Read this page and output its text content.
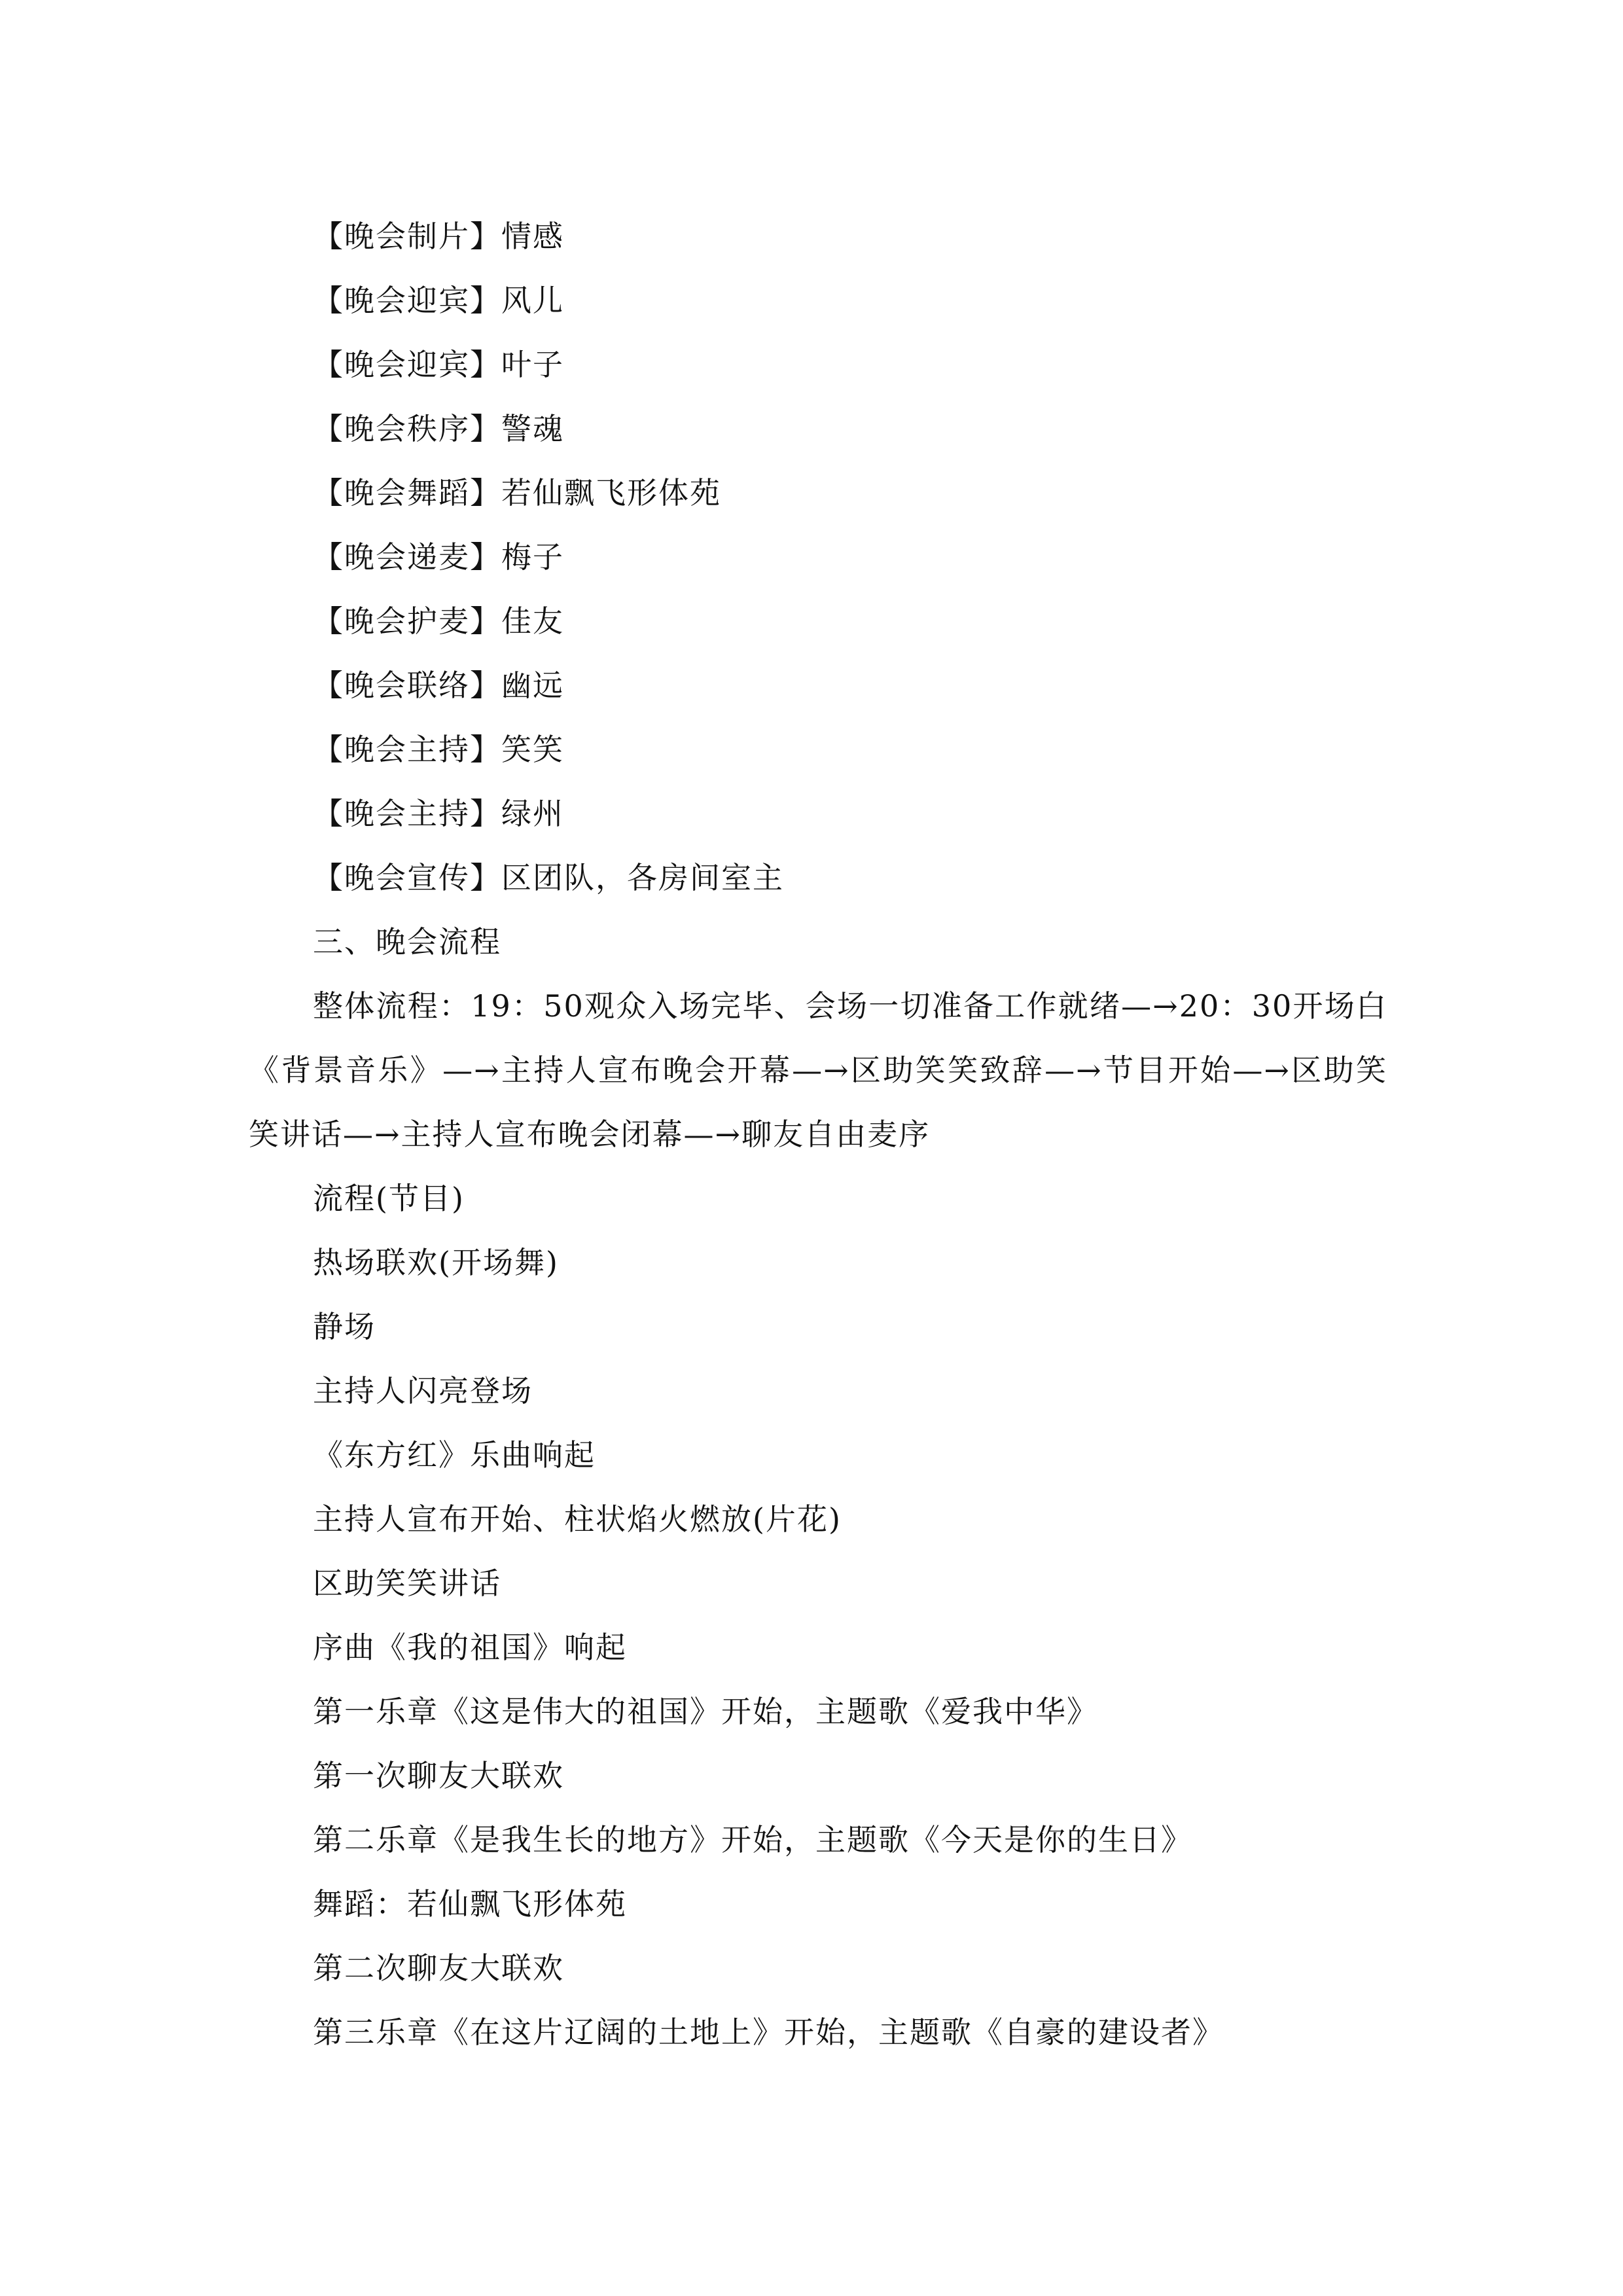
【晚会制片】情感

【晚会迎宾】风儿

【晚会迎宾】叶子

【晚会秩序】警魂

【晚会舞蹈】若仙飘飞形体苑

【晚会递麦】梅子

【晚会护麦】佳友

【晚会联络】幽远

【晚会主持】笑笑

【晚会主持】绿州

【晚会宣传】区团队，各房间室主

三、晚会流程

整体流程：19：50观众入场完毕、会场一切准备工作就绪—→20：30开场白《背景音乐》—→主持人宣布晚会开幕—→区助笑笑致辞—→节目开始—→区助笑笑讲话—→主持人宣布晚会闭幕—→聊友自由麦序

流程(节目)

热场联欢(开场舞)

静场

主持人闪亮登场

《东方红》乐曲响起

主持人宣布开始、柱状焰火燃放(片花)

区助笑笑讲话

序曲《我的祖国》响起

第一乐章《这是伟大的祖国》开始，主题歌《爱我中华》

第一次聊友大联欢

第二乐章《是我生长的地方》开始，主题歌《今天是你的生日》

舞蹈：若仙飘飞形体苑

第二次聊友大联欢

第三乐章《在这片辽阔的土地上》开始，主题歌《自豪的建设者》
